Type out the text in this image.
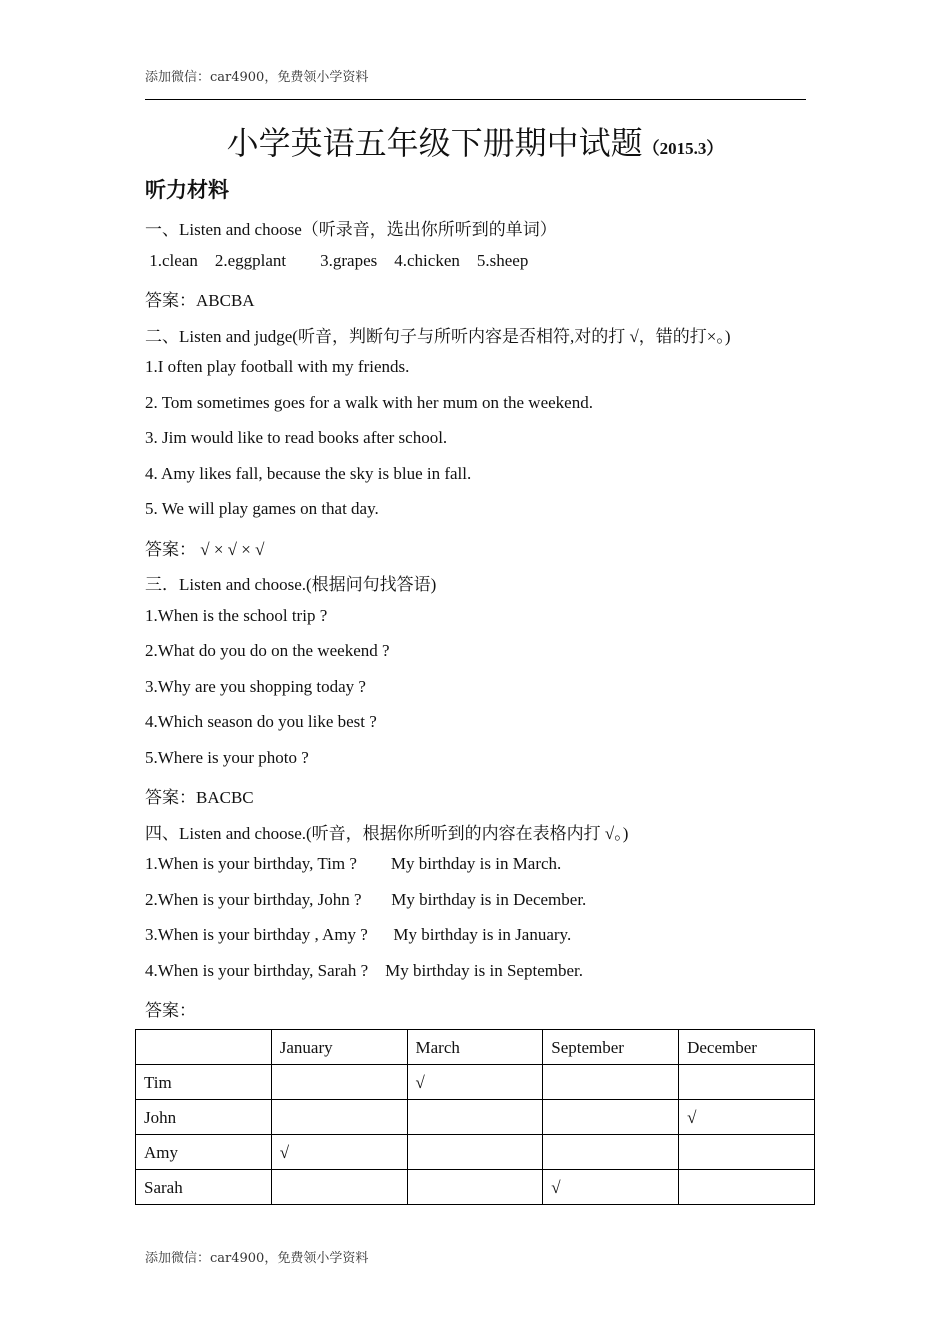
添加微信：car4900，免费领小学资料
小学英语五年级下册期中试题（2015.3）
听力材料
一、Listen and choose（听录音，选出你所听到的单词）
1.clean    2.eggplant        3.grapes    4.chicken    5.sheep
答案：ABCBA
二、Listen and judge(听音，判断句子与所听内容是否相符,对的打 √，错的打×。)
1.I often play football with my friends.
2. Tom sometimes goes for a walk with her mum on the weekend.
3. Jim would like to read books after school.
4. Amy likes fall, because the sky is blue in fall.
5. We will play games on that day.
答案： √ × √ × √
三．Listen and choose.(根据问句找答语)
1.When is the school trip ?
2.What do you do on the weekend ?
3.Why are you shopping today ?
4.Which season do you like best ?
5.Where is your photo ?
答案：BACBC
四、Listen and choose.(听音，根据你所听到的内容在表格内打 √。)
1.When is your birthday, Tim ?        My birthday is in March.
2.When is your birthday, John ?       My birthday is in December.
3.When is your birthday , Amy ?      My birthday is in January.
4.When is your birthday, Sarah ?    My birthday is in September.
答案：
	January	March	September	December
Tim		√		
John				√
Amy	√			
Sarah			√	
添加微信：car4900，免费领小学资料
